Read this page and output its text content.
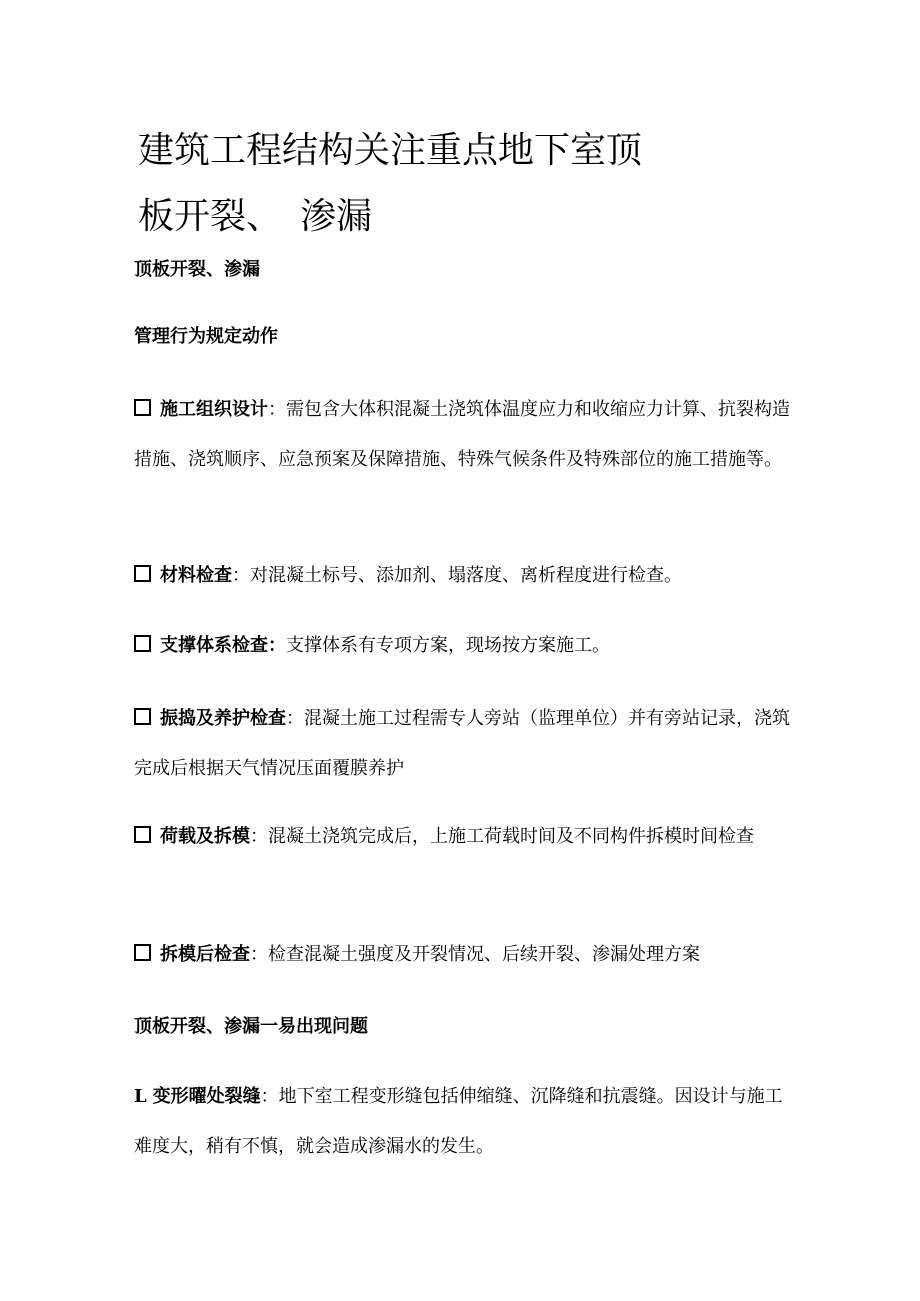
建筑工程结构关注重点地下室顶
板开裂、　渗漏
顶板开裂、渗漏
管理行为规定动作

施工组织设计：需包含大体积混凝土浇筑体温度应力和收缩应力计算、抗裂构造措施、浇筑顺序、应急预案及保障措施、特殊气候条件及特殊部位的施工措施等。

材料检查：对混凝土标号、添加剂、塌落度、离析程度进行检查。

支撑体系检查：支撑体系有专项方案，现场按方案施工。

振捣及养护检查：混凝土施工过程需专人旁站（监理单位）并有旁站记录，浇筑完成后根据天气情况压面覆膜养护

荷载及拆模：混凝土浇筑完成后，上施工荷载时间及不同构件拆模时间检查

拆模后检查：检查混凝土强度及开裂情况、后续开裂、渗漏处理方案

顶板开裂、渗漏一易出现问题

L 变形曜处裂缝：地下室工程变形缝包括伸缩缝、沉降缝和抗震缝。因设计与施工难度大，稍有不慎，就会造成渗漏水的发生。
